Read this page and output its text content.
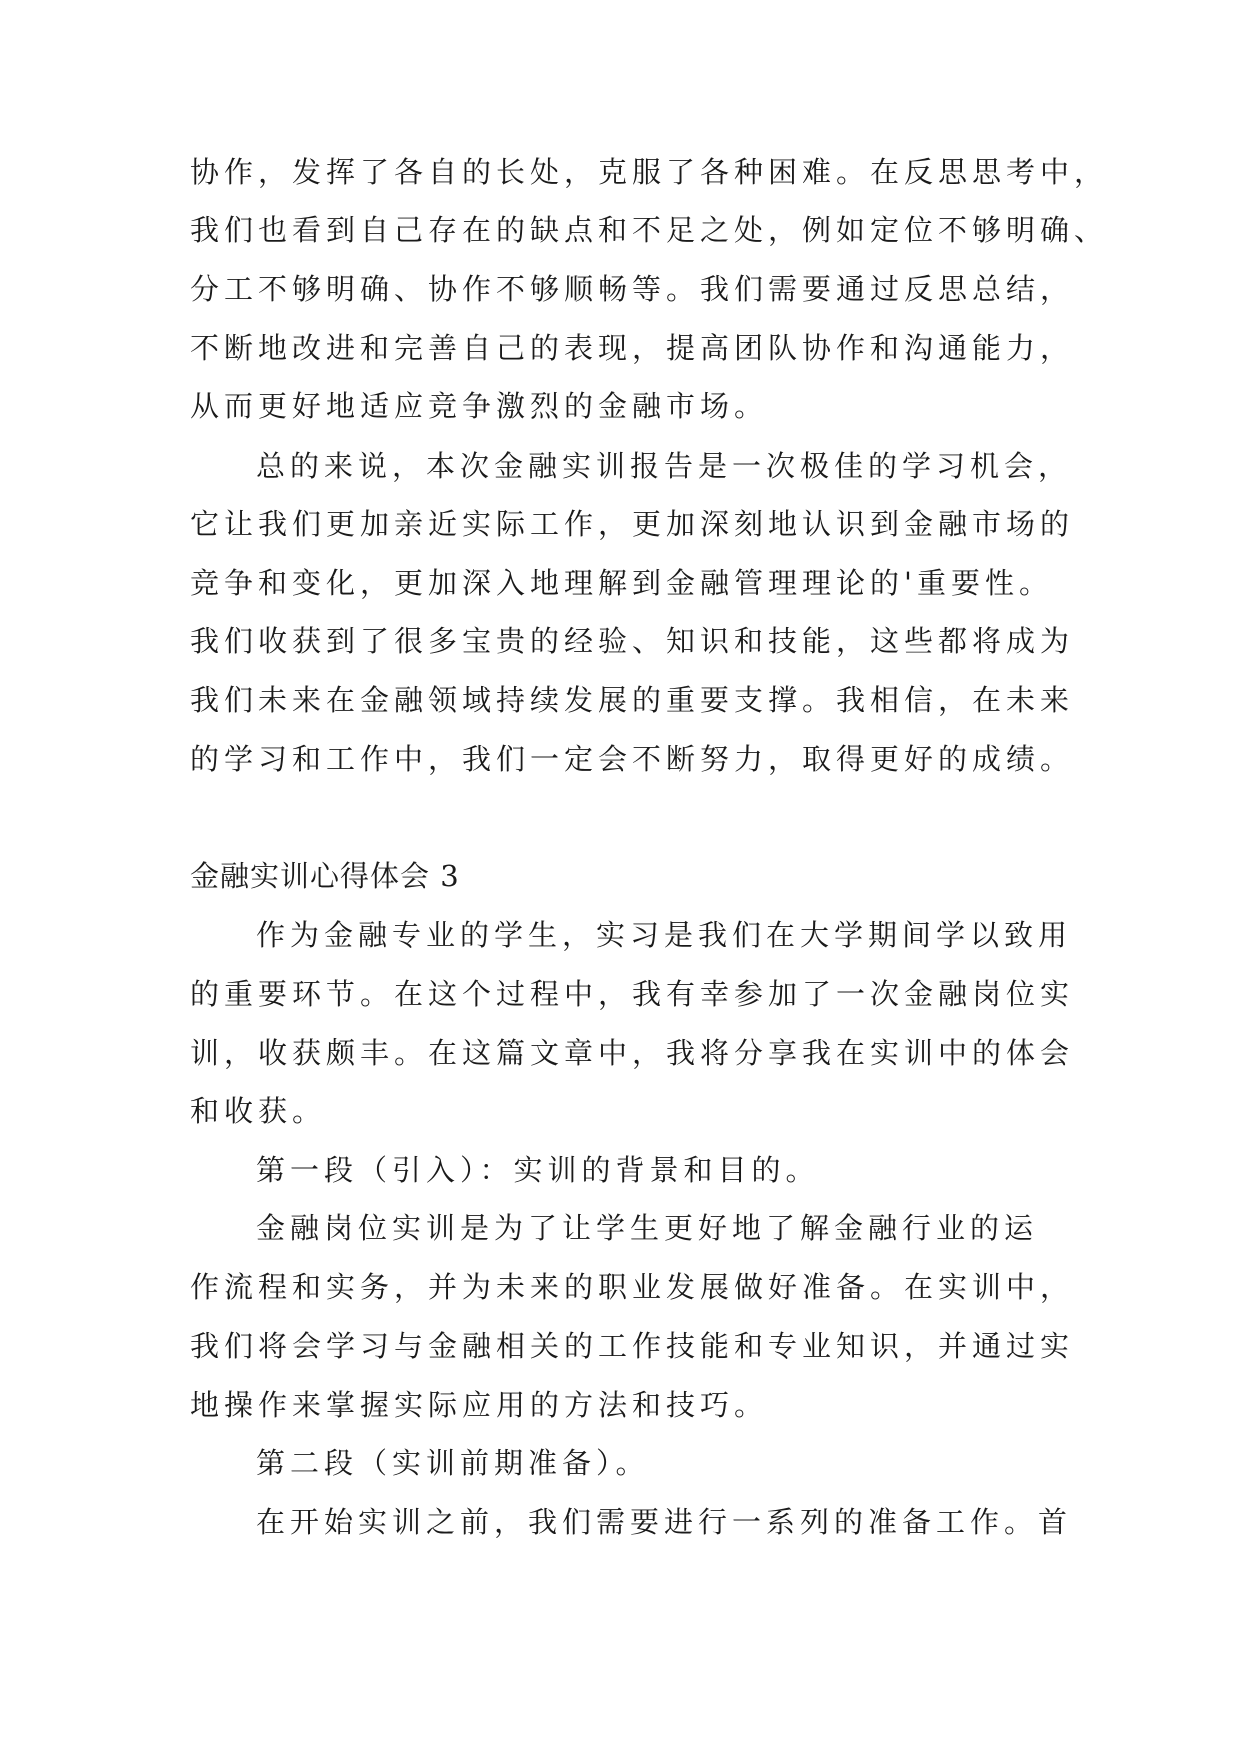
协作，发挥了各自的长处，克服了各种困难。在反思思考中，
我们也看到自己存在的缺点和不足之处，例如定位不够明确、
分工不够明确、协作不够顺畅等。我们需要通过反思总结，
不断地改进和完善自己的表现，提高团队协作和沟通能力，
从而更好地适应竞争激烈的金融市场。
总的来说，本次金融实训报告是一次极佳的学习机会，
它让我们更加亲近实际工作，更加深刻地认识到金融市场的
竞争和变化，更加深入地理解到金融管理理论的'重要性。
我们收获到了很多宝贵的经验、知识和技能，这些都将成为
我们未来在金融领域持续发展的重要支撑。我相信，在未来
的学习和工作中，我们一定会不断努力，取得更好的成绩。
金融实训心得体会 3
作为金融专业的学生，实习是我们在大学期间学以致用
的重要环节。在这个过程中，我有幸参加了一次金融岗位实
训，收获颇丰。在这篇文章中，我将分享我在实训中的体会
和收获。
第一段（引入）：实训的背景和目的。
金融岗位实训是为了让学生更好地了解金融行业的运
作流程和实务，并为未来的职业发展做好准备。在实训中，
我们将会学习与金融相关的工作技能和专业知识，并通过实
地操作来掌握实际应用的方法和技巧。
第二段（实训前期准备）。
在开始实训之前，我们需要进行一系列的准备工作。首
